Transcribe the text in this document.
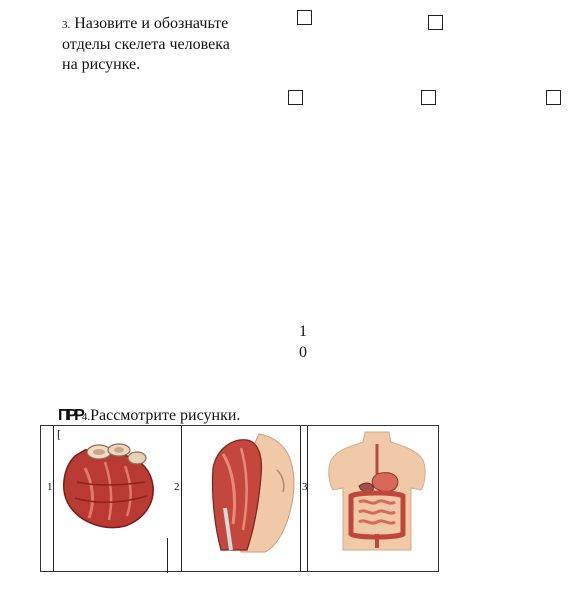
3. Назовите и обозначьте отделы скелета человека на рисунке.
1
0
ПРР4.Рассмотрите рисунки.
[
1	2	3
